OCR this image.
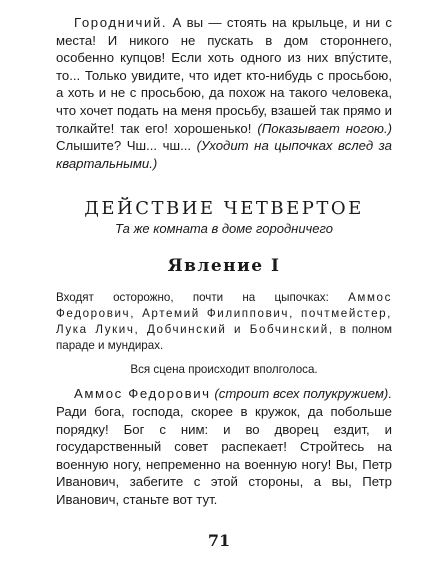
Городничий. А вы — стоять на крыльце, и ни с места! И никого не пускать в дом стороннего, особенно купцов! Если хоть одного из них впу́стите, то... Только увидите, что идет кто-нибудь с просьбою, а хоть и не с просьбою, да похож на такого человека, что хочет подать на меня просьбу, взашей так прямо и толкайте! так его! хорошенько! (Показывает ногою.) Слышите? Чш... чш... (Уходит на цыпочках вслед за квартальными.)

ДЕЙСТВИЕ ЧЕТВЕРТОЕ

Та же комната в доме городничего

Явление I

Входят осторожно, почти на цыпочках: Аммос Федорович, Артемий Филиппович, почтмейстер, Лука Лукич, Добчинский и Бобчинский, в полном параде и мундирах.

Вся сцена происходит вполголоса.

Аммос Федорович (строит всех полукружием). Ради бога, господа, скорее в кружок, да побольше порядку! Бог с ним: и во дворец ездит, и государственный совет распекает! Стройтесь на военную ногу, непременно на военную ногу! Вы, Петр Иванович, забегите с этой стороны, а вы, Петр Иванович, станьте вот тут.

71
